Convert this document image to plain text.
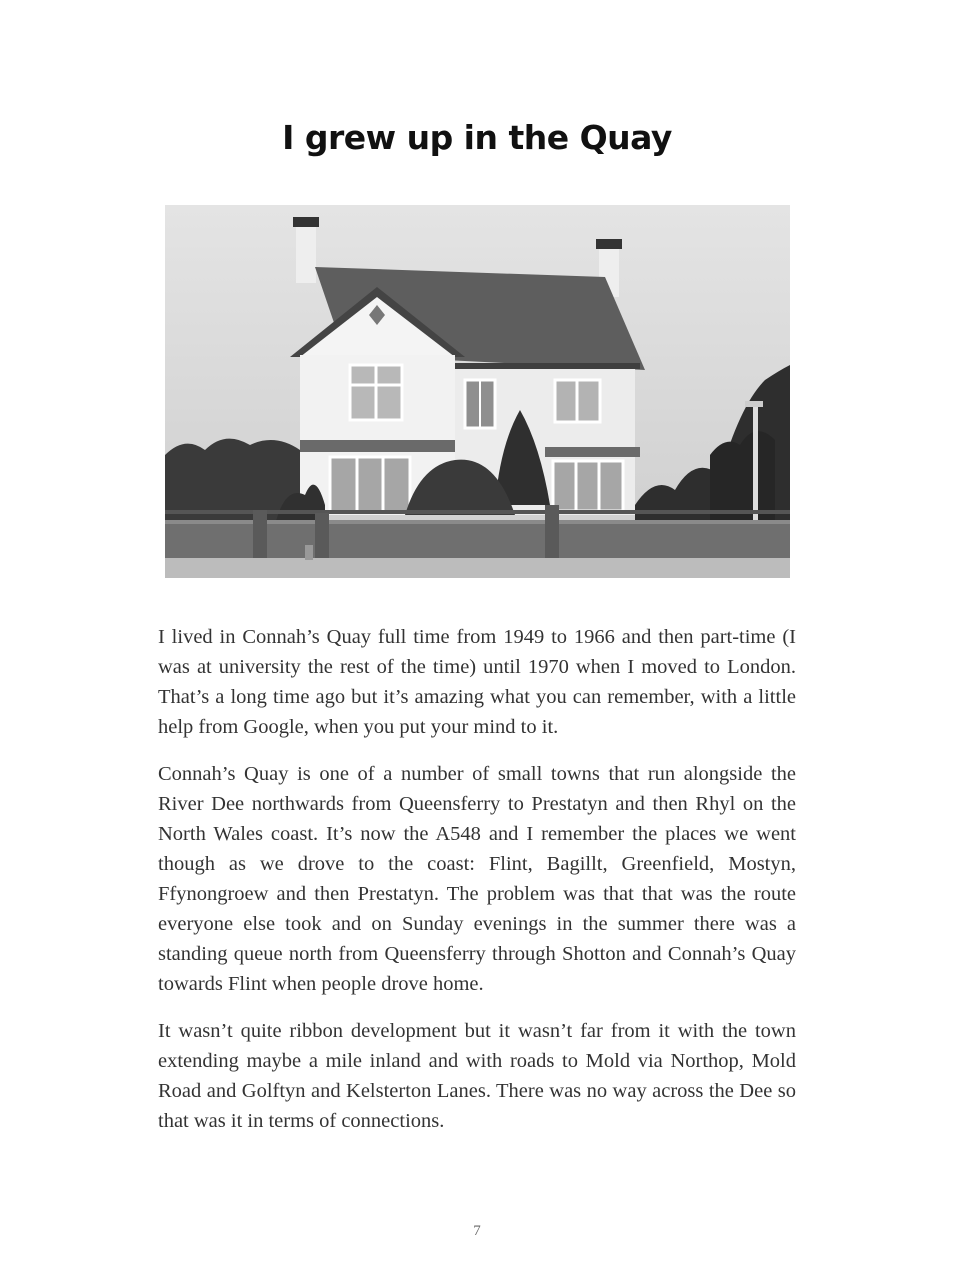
I grew up in the Quay

I lived in Connah’s Quay full time from 1949 to 1966 and then part-time (I was at university the rest of the time) until 1970 when I moved to London. That’s a long time ago but it’s amazing what you can remember, with a little help from Google, when you put your mind to it.

Connah’s Quay is one of a number of small towns that run alongside the River Dee northwards from Queensferry to Prestatyn and then Rhyl on the North Wales coast. It’s now the A548 and I remember the places we went though as we drove to the coast: Flint, Bagillt, Greenfield, Mostyn, Ffynongroew and then Prestatyn. The problem was that that was the route everyone else took and on Sunday evenings in the summer there was a standing queue north from Queensferry through Shotton and Connah’s Quay towards Flint when people drove home.

It wasn’t quite ribbon development but it wasn’t far from it with the town extending maybe a mile inland and with roads to Mold via Northop, Mold Road and Golftyn and Kelsterton Lanes. There was no way across the Dee so that was it in terms of connections.

7
